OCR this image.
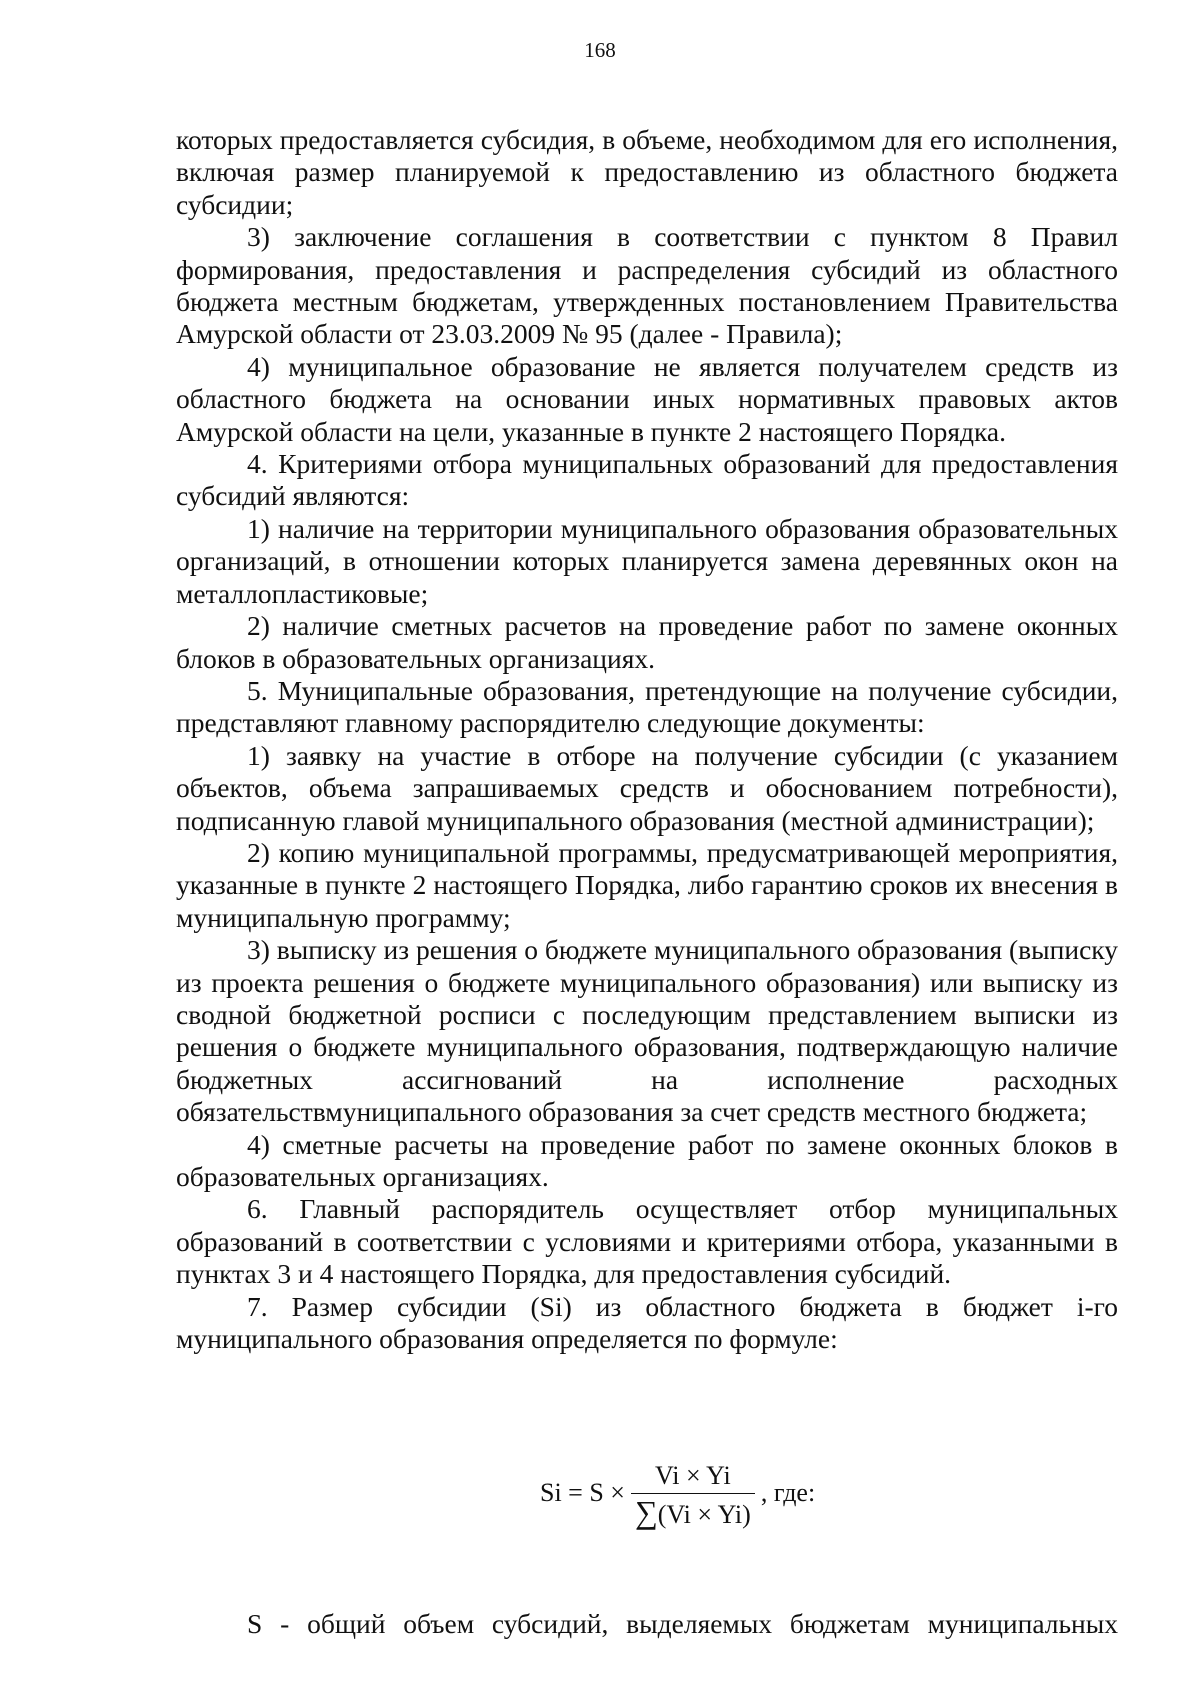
168

которых предоставляется субсидия, в объеме, необходимом для его исполнения, включая размер планируемой к предоставлению из областного бюджета субсидии;

3) заключение соглашения в соответствии с пунктом 8 Правил формирования, предоставления и распределения субсидий из областного бюджета местным бюджетам, утвержденных постановлением Правительства Амурской области от 23.03.2009 № 95 (далее - Правила);

4) муниципальное образование не является получателем средств из областного бюджета на основании иных нормативных правовых актов Амурской области на цели, указанные в пункте 2 настоящего Порядка.

4. Критериями отбора муниципальных образований для предоставления субсидий являются:

1) наличие на территории муниципального образования образовательных организаций, в отношении которых планируется замена деревянных окон на металлопластиковые;

2) наличие сметных расчетов на проведение работ по замене оконных блоков в образовательных организациях.

5. Муниципальные образования, претендующие на получение субсидии, представляют главному распорядителю следующие документы:

1) заявку на участие в отборе на получение субсидии (с указанием объектов, объема запрашиваемых средств и обоснованием потребности), подписанную главой муниципального образования (местной администрации);

2) копию муниципальной программы, предусматривающей мероприятия, указанные в пункте 2 настоящего Порядка, либо гарантию сроков их внесения в муниципальную программу;

3) выписку из решения о бюджете муниципального образования (выписку из проекта решения о бюджете муниципального образования) или выписку из сводной бюджетной росписи с последующим представлением выписки из решения о бюджете муниципального образования, подтверждающую наличие бюджетных ассигнований на исполнение расходных обязательствмуниципального образования за счет средств местного бюджета;

4) сметные расчеты на проведение работ по замене оконных блоков в образовательных организациях.

6. Главный распорядитель осуществляет отбор муниципальных образований в соответствии с условиями и критериями отбора, указанными в пунктах 3 и 4 настоящего Порядка, для предоставления субсидий.

7. Размер субсидии (Si) из областного бюджета в бюджет i-го муниципального образования определяется по формуле:

$Si = S \times \frac{Vi \times Yi}{\sum(Vi \times Yi)}$ , где:

S - общий объем субсидий, выделяемых бюджетам муниципальных
